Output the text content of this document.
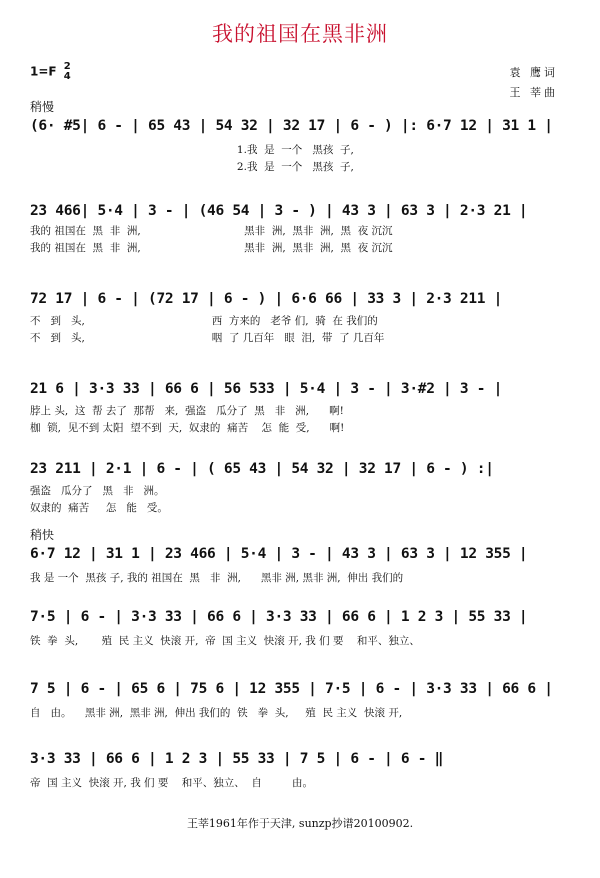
我的祖国在黑非洲
1=F 2
4	袁 鹰词
王 莘曲
稍慢
(6· #5| 6 - | 65 43 | 54 32 | 32 17 | 6 - ) |: 6·7 12 | 31 1 |
1.我  是  一个   黑孩  子,
2.我  是  一个   黑孩  子,
23 466| 5·4 | 3 - | (46 54 | 3 - ) | 43 3 | 63 3 | 2·3 21 |
我的 祖国在  黑  非  洲,                               黑非  洲,  黑非  洲,  黑  夜 沉沉
我的 祖国在  黑  非  洲,                               黑非  洲,  黑非  洲,  黑  夜 沉沉
72 17 | 6 - | (72 17 | 6 - ) | 6·6 66 | 33 3 | 2·3 211 |
不   到   头,                                      西  方来的   老爷 们,  骑  在 我们的
不   到   头,                                      咽  了 几百年   眼  泪,  带  了 几百年
21 6 | 3·3 33 | 66 6 | 56 533 | 5·4 | 3 - | 3·#2 | 3 - |
脖上 头,  这  帮 去了  那帮   来,  强盗   瓜分了  黑   非   洲,      啊!
枷  锁,  见不到 太阳  望不到  天,  奴隶的  痛苦    怎  能  受,      啊!
23 211 | 2·1 | 6 - | ( 65 43 | 54 32 | 32 17 | 6 - ) :|
强盗   瓜分了   黑   非   洲。
奴隶的  痛苦     怎   能   受。
稍快
6·7 12 | 31 1 | 23 466 | 5·4 | 3 - | 43 3 | 63 3 | 12 355 |
我 是 一个  黑孩 子, 我的 祖国在  黑   非  洲,      黑非 洲, 黑非 洲,  伸出 我们的
7·5 | 6 - | 3·3 33 | 66 6 | 3·3 33 | 66 6 | 1 2 3 | 55 33 |
铁  拳  头,       殖  民 主义  快滚 开,  帝  国 主义  快滚 开, 我 们 要    和平、独立、
7 5 | 6 - | 65 6 | 75 6 | 12 355 | 7·5 | 6 - | 3·3 33 | 66 6 |
自   由。    黑非 洲,  黑非 洲,  伸出 我们的  铁   拳  头,     殖  民 主义  快滚 开,
3·3 33 | 66 6 | 1 2 3 | 55 33 | 7 5 | 6 - | 6 - ‖
帝  国 主义  快滚 开, 我 们 要    和平、独立、  自         由。
王莘1961年作于天津, sunzp抄谱20100902.
